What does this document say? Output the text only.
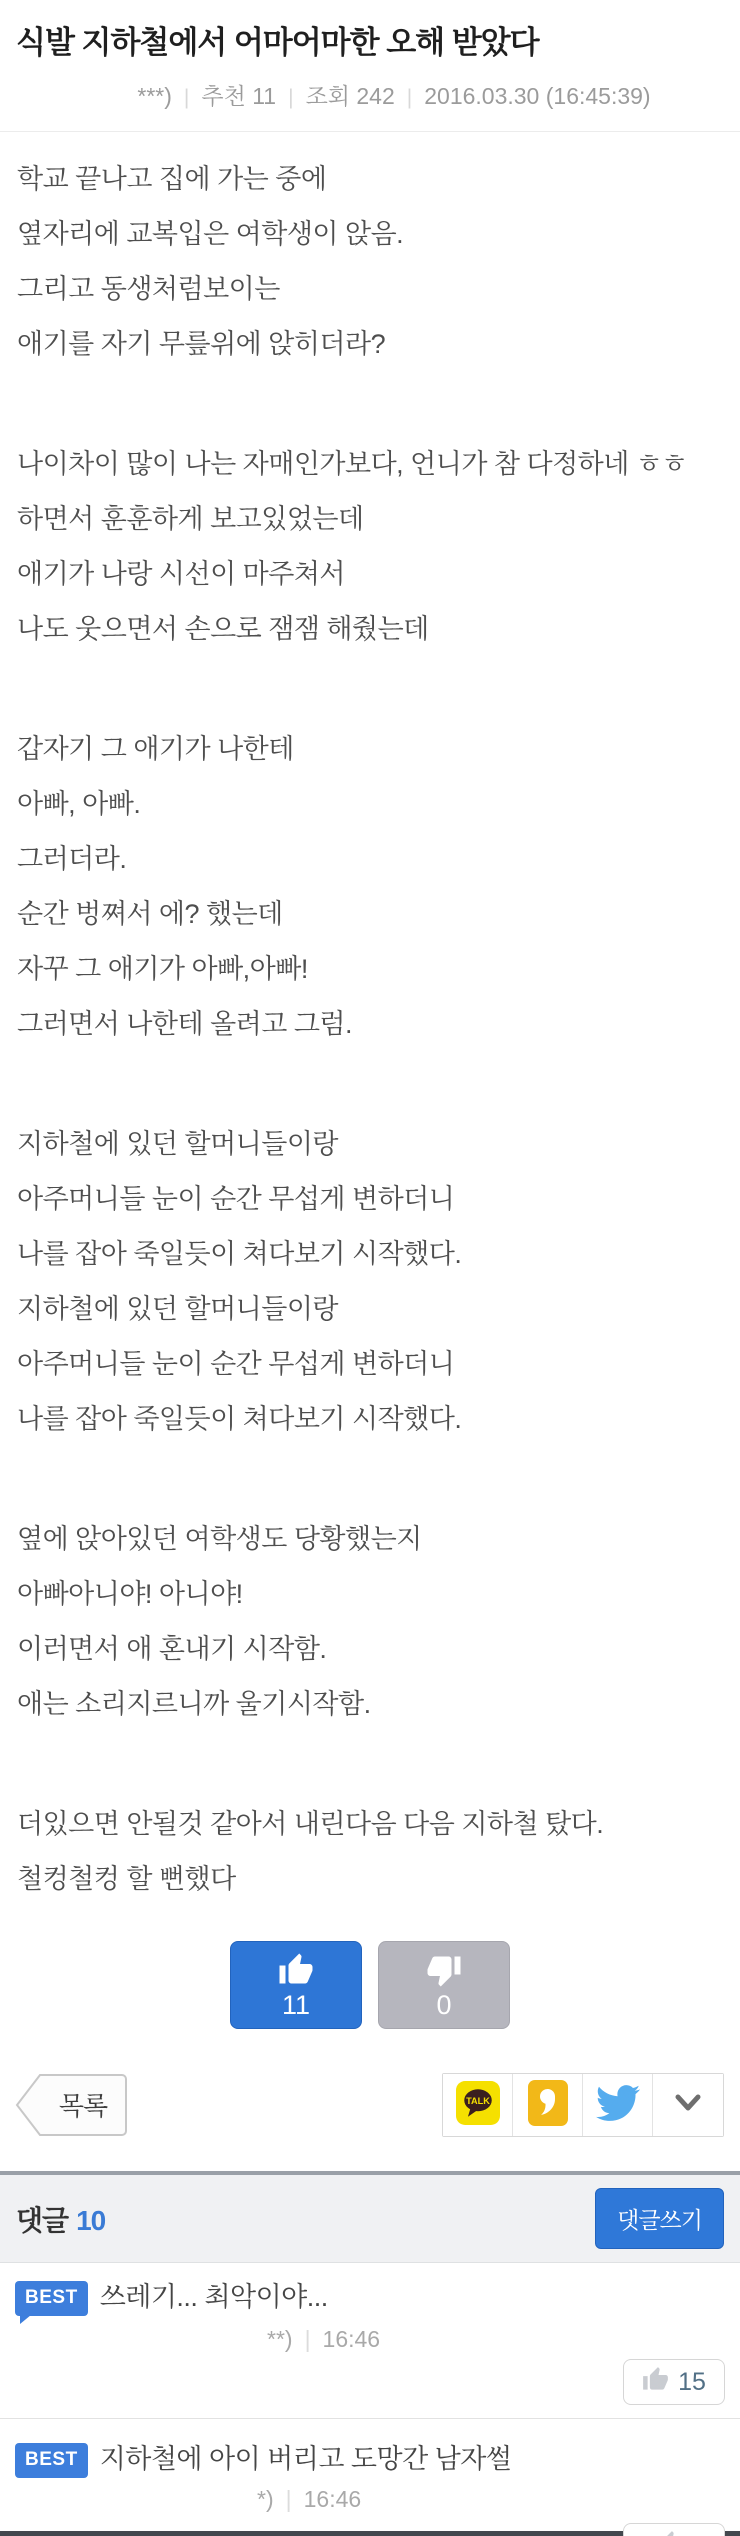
식발 지하철에서 어마어마한 오해 받았다
***) | 추천 11 | 조회 242 | 2016.03.30 (16:45:39)

학교 끝나고 집에 가는 중에

옆자리에 교복입은 여학생이 앉음.

그리고 동생처럼보이는

애기를 자기 무릎위에 앉히더라?

나이차이 많이 나는 자매인가보다, 언니가 참 다정하네 ㅎㅎ

하면서 훈훈하게 보고있었는데

애기가 나랑 시선이 마주쳐서

나도 웃으면서 손으로 잼잼 해줬는데

갑자기 그 애기가 나한테

아빠, 아빠.

그러더라.

순간 벙쪄서 에? 했는데

자꾸 그 애기가 아빠,아빠!

그러면서 나한테 올려고 그럼.

지하철에 있던 할머니들이랑

아주머니들 눈이 순간 무섭게 변하더니

나를 잡아 죽일듯이 쳐다보기 시작했다.

지하철에 있던 할머니들이랑

아주머니들 눈이 순간 무섭게 변하더니

나를 잡아 죽일듯이 쳐다보기 시작했다.

옆에 앉아있던 여학생도 당황했는지

아빠아니야! 아니야!

이러면서 애 혼내기 시작함.

애는 소리지르니까 울기시작함.

더있으면 안될것 같아서 내린다음 다음 지하철 탔다.

철컹철컹 할 뻔했다

11	0
목록	TALK
댓글 10	댓글쓰기
BEST 쓰레기... 최악이야...
**) | 16:46
15
BEST 지하철에 아이 버리고 도망간 남자썰
*) | 16:46
